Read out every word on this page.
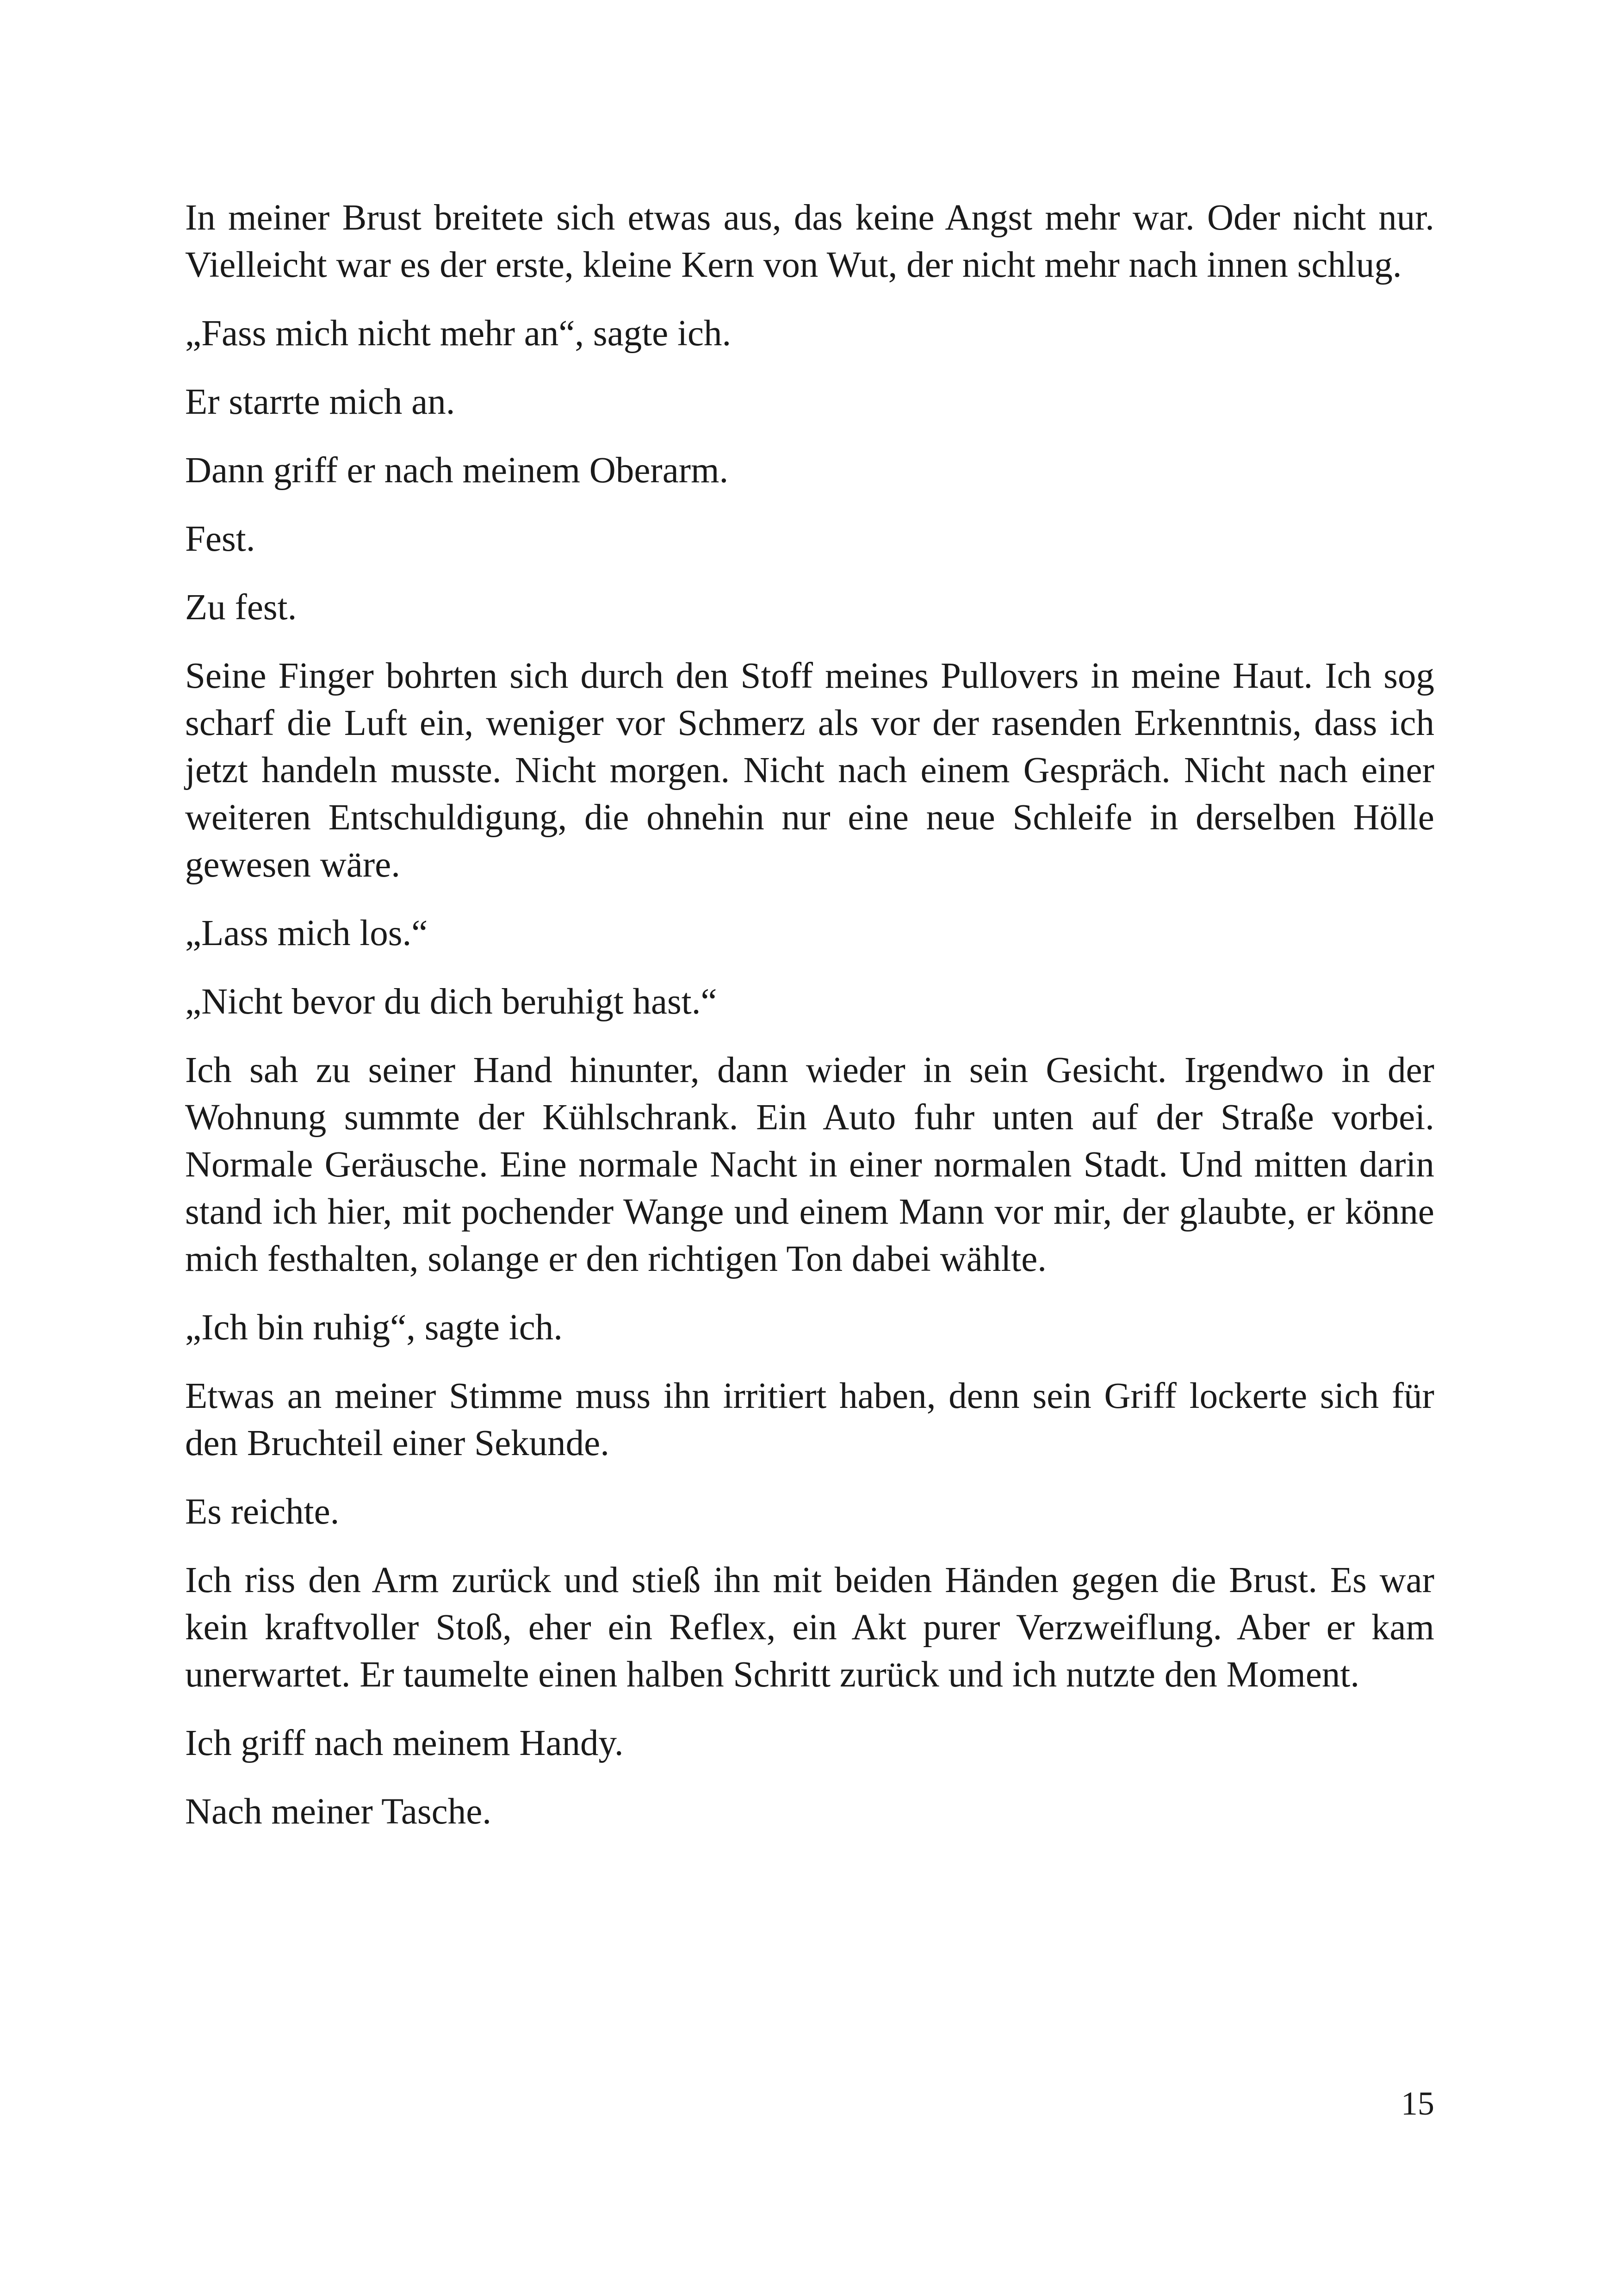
In meiner Brust breitete sich etwas aus, das keine Angst mehr war. Oder nicht nur. Vielleicht war es der erste, kleine Kern von Wut, der nicht mehr nach innen schlug.

„Fass mich nicht mehr an“, sagte ich.

Er starrte mich an.

Dann griff er nach meinem Oberarm.

Fest.

Zu fest.

Seine Finger bohrten sich durch den Stoff meines Pullovers in meine Haut. Ich sog scharf die Luft ein, weniger vor Schmerz als vor der rasenden Erkenntnis, dass ich jetzt handeln musste. Nicht morgen. Nicht nach einem Gespräch. Nicht nach einer weiteren Entschuldigung, die ohnehin nur eine neue Schleife in derselben Hölle gewesen wäre.

„Lass mich los.“

„Nicht bevor du dich beruhigt hast.“

Ich sah zu seiner Hand hinunter, dann wieder in sein Gesicht. Irgendwo in der Wohnung summte der Kühlschrank. Ein Auto fuhr unten auf der Straße vorbei. Normale Geräusche. Eine normale Nacht in einer normalen Stadt. Und mitten darin stand ich hier, mit pochender Wange und einem Mann vor mir, der glaubte, er könne mich festhalten, solange er den richtigen Ton dabei wählte.

„Ich bin ruhig“, sagte ich.

Etwas an meiner Stimme muss ihn irritiert haben, denn sein Griff lockerte sich für den Bruchteil einer Sekunde.

Es reichte.

Ich riss den Arm zurück und stieß ihn mit beiden Händen gegen die Brust. Es war kein kraftvoller Stoß, eher ein Reflex, ein Akt purer Verzweiflung. Aber er kam unerwartet. Er taumelte einen halben Schritt zurück und ich nutzte den Moment.

Ich griff nach meinem Handy.

Nach meiner Tasche.

15
